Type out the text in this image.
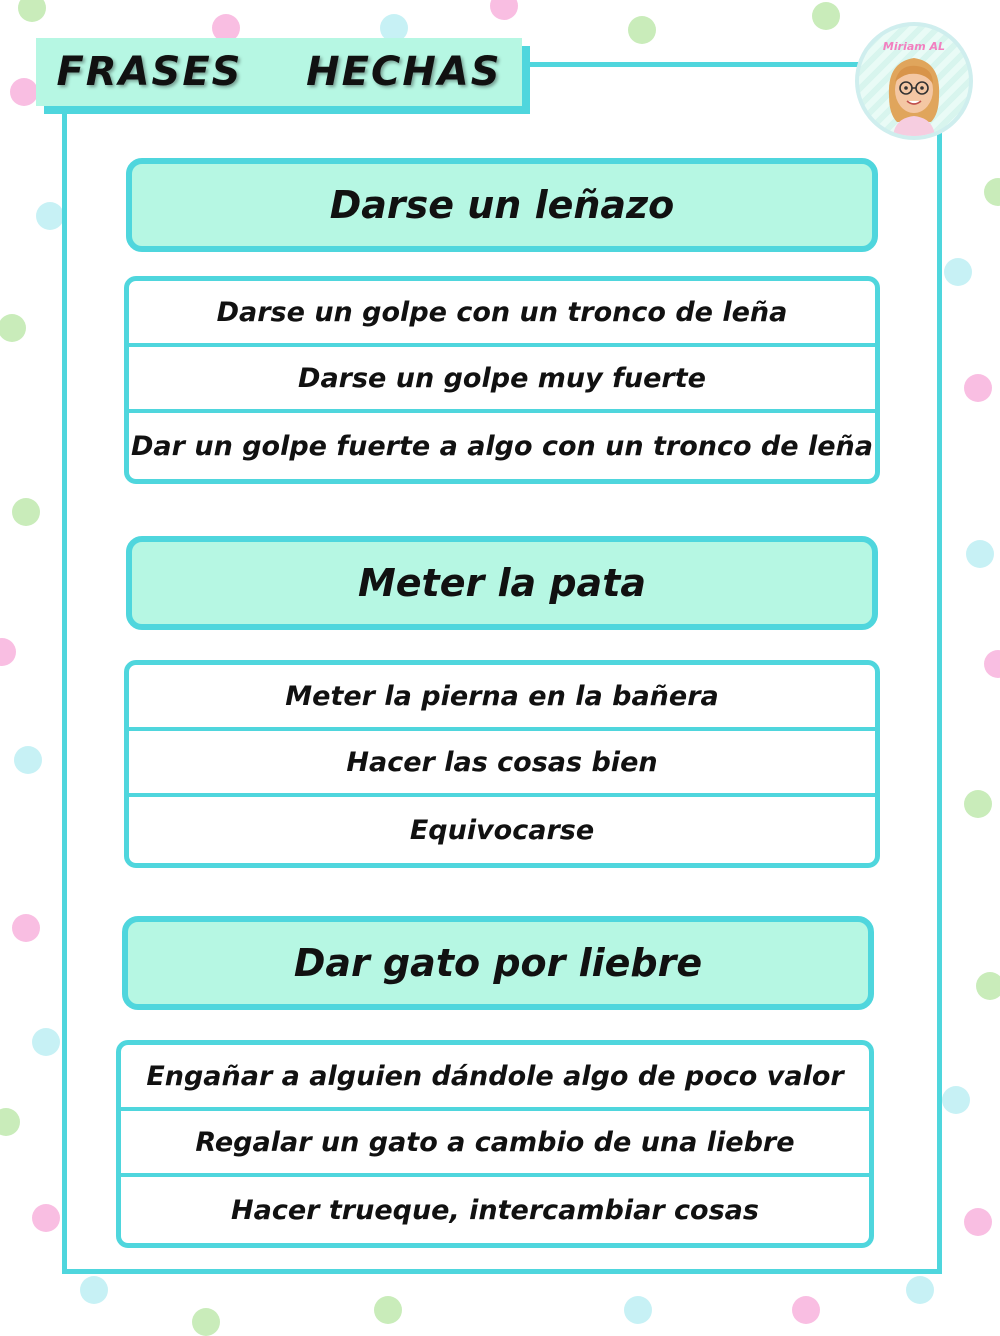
FRASES    HECHAS
Miriam AL
Darse un leñazo
Darse un golpe con un tronco de leña
Darse un golpe muy fuerte
Dar un golpe fuerte a algo con un tronco de leña
Meter la pata
Meter la pierna en la bañera
Hacer las cosas bien
Equivocarse
Dar gato por liebre
Engañar a alguien dándole algo de poco valor
Regalar un gato a cambio de una liebre
Hacer trueque, intercambiar cosas
